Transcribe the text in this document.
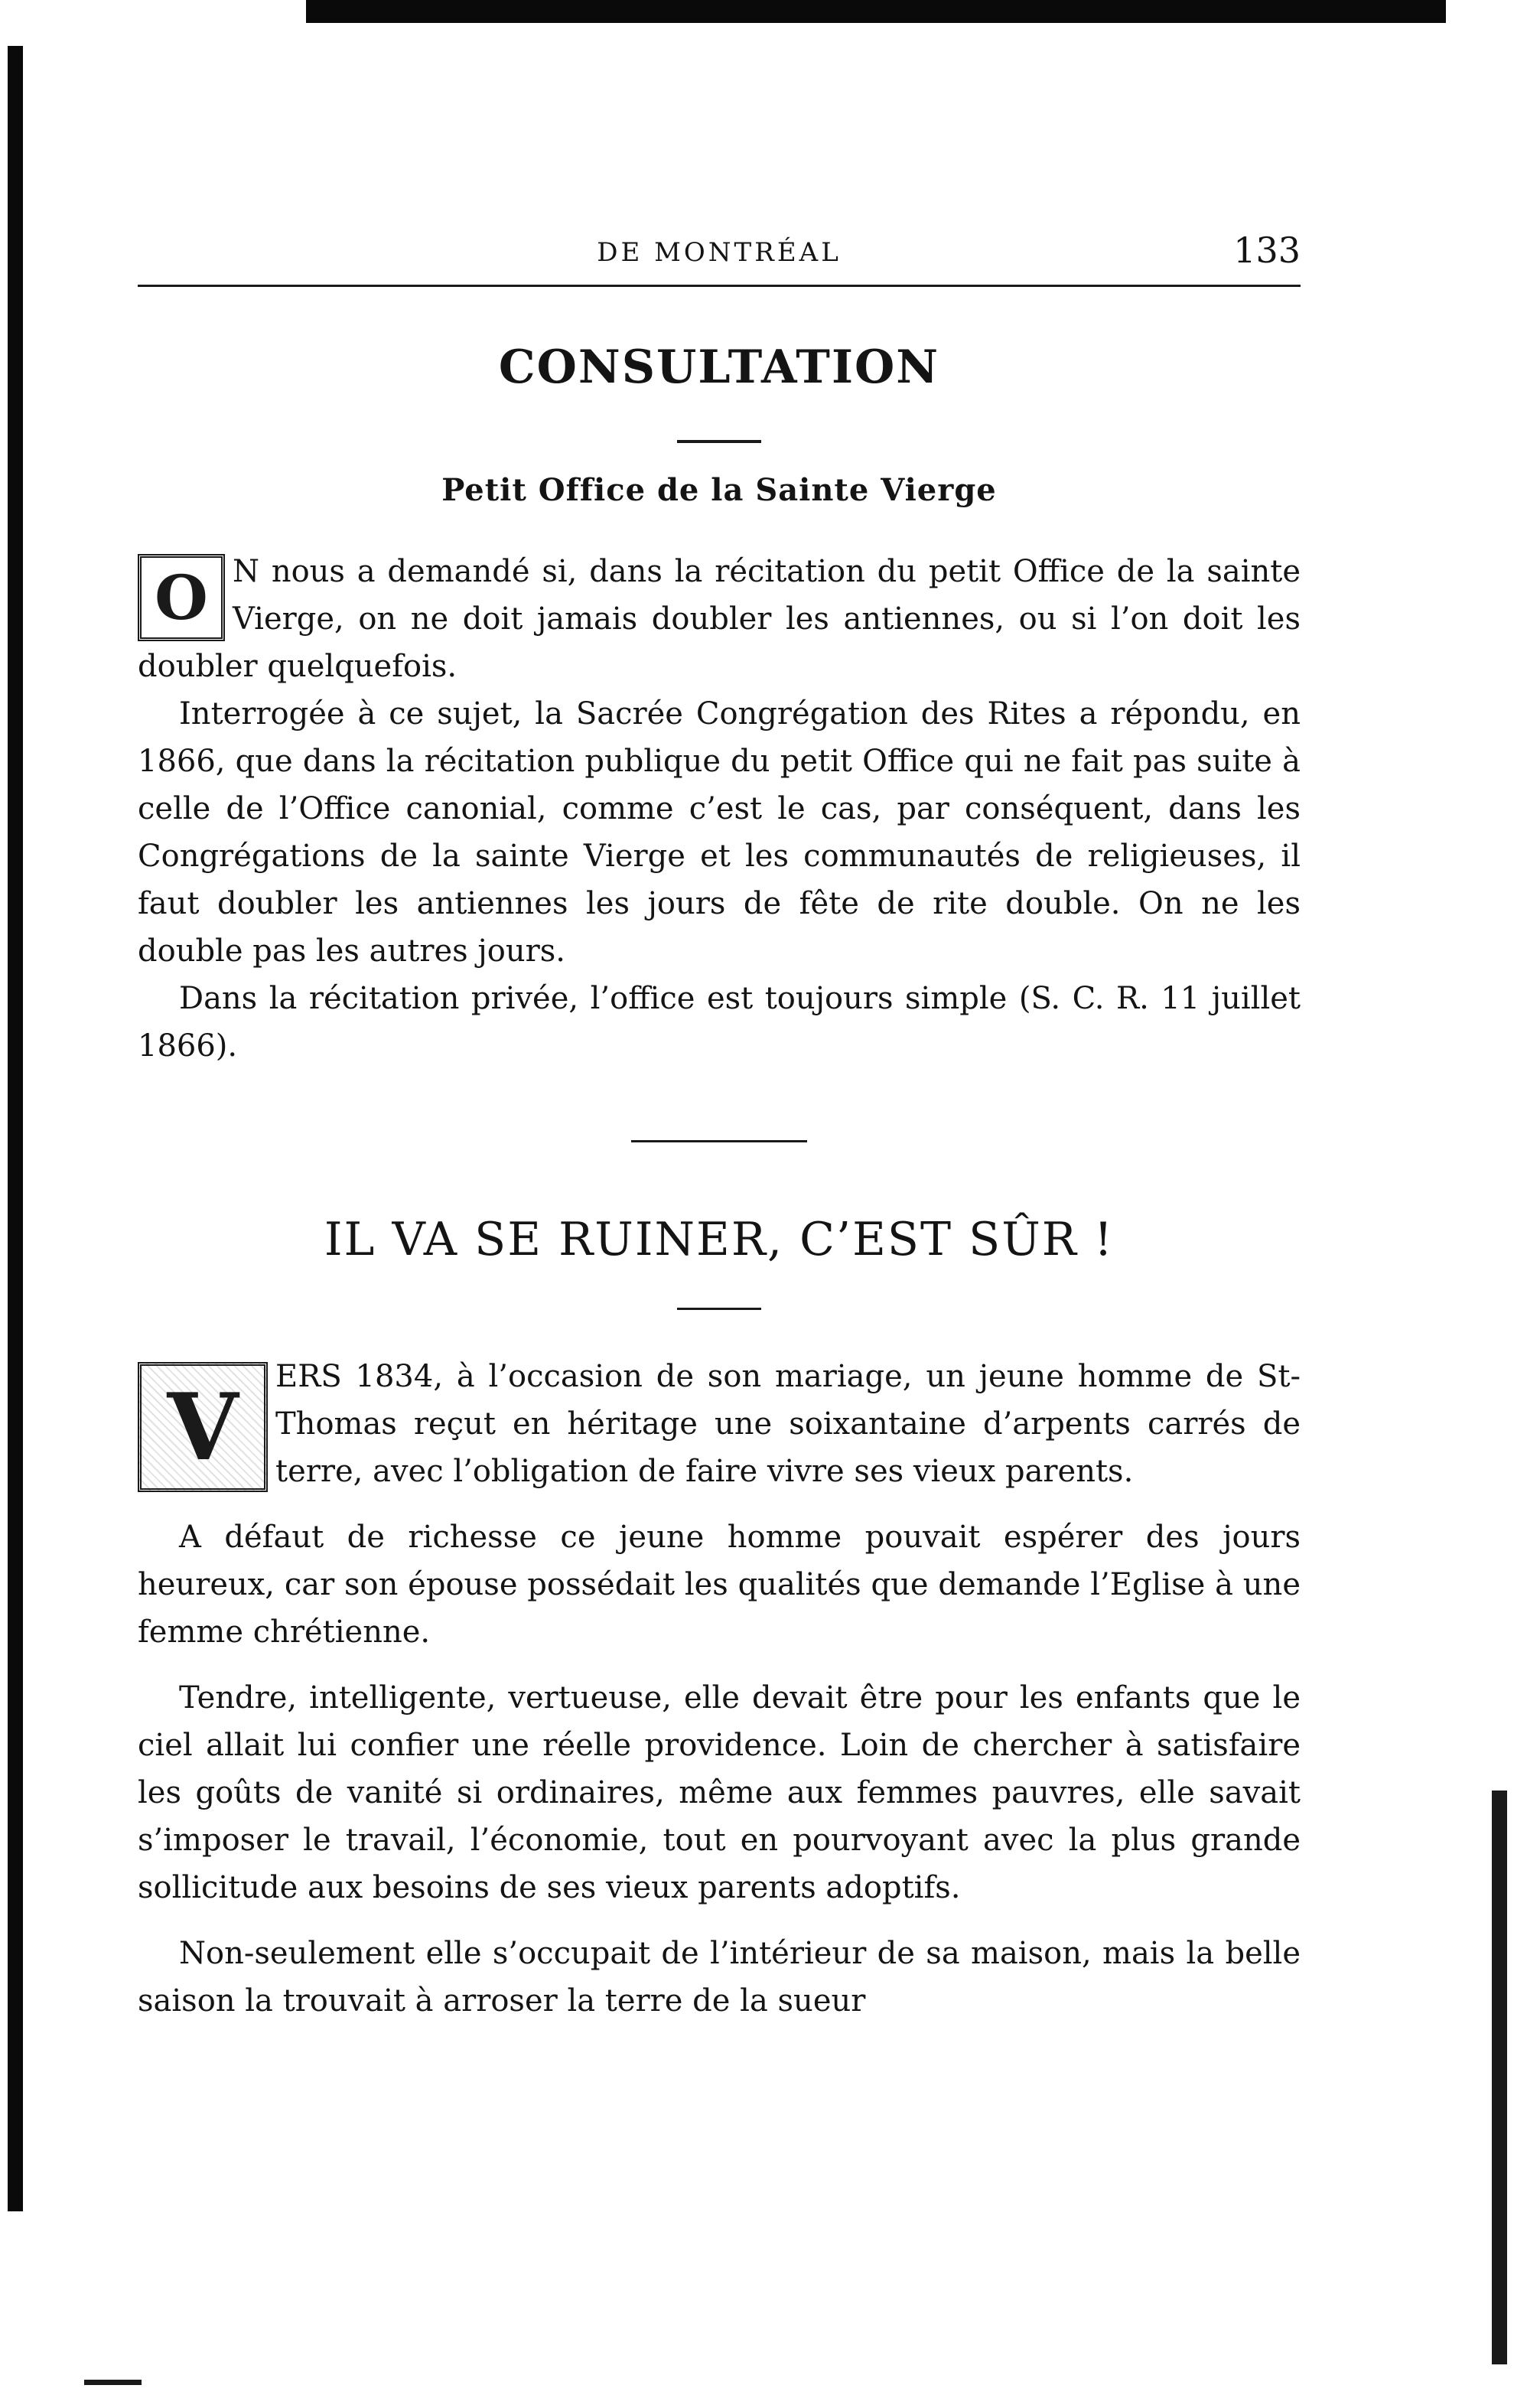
DE MONTRÉAL	133
CONSULTATION
Petit Office de la Sainte Vierge
O N nous a demandé si, dans la récitation du petit Office de la sainte Vierge, on ne doit jamais doubler les antiennes, ou si l’on doit les doubler quelquefois.

Interrogée à ce sujet, la Sacrée Congrégation des Rites a répondu, en 1866, que dans la récitation publique du petit Office qui ne fait pas suite à celle de l’Office canonial, comme c’est le cas, par conséquent, dans les Congrégations de la sainte Vierge et les communautés de religieuses, il faut doubler les antiennes les jours de fête de rite double. On ne les double pas les autres jours.

Dans la récitation privée, l’office est toujours simple (S. C. R. 11 juillet 1866).

IL VA SE RUINER, C’EST SÛR !
V	ERS 1834, à l’occasion de son mariage, un jeune homme de St-Thomas reçut en héritage une soixantaine d’arpents carrés de terre, avec l’obligation de faire vivre ses vieux parents.

A défaut de richesse ce jeune homme pouvait espérer des jours heureux, car son épouse possédait les qualités que demande l’Eglise à une femme chrétienne.

Tendre, intelligente, vertueuse, elle devait être pour les enfants que le ciel allait lui confier une réelle providence. Loin de chercher à satisfaire les goûts de vanité si ordinaires, même aux femmes pauvres, elle savait s’imposer le travail, l’économie, tout en pourvoyant avec la plus grande sollicitude aux besoins de ses vieux parents adoptifs.

Non-seulement elle s’occupait de l’intérieur de sa maison, mais la belle saison la trouvait à arroser la terre de la sueur
